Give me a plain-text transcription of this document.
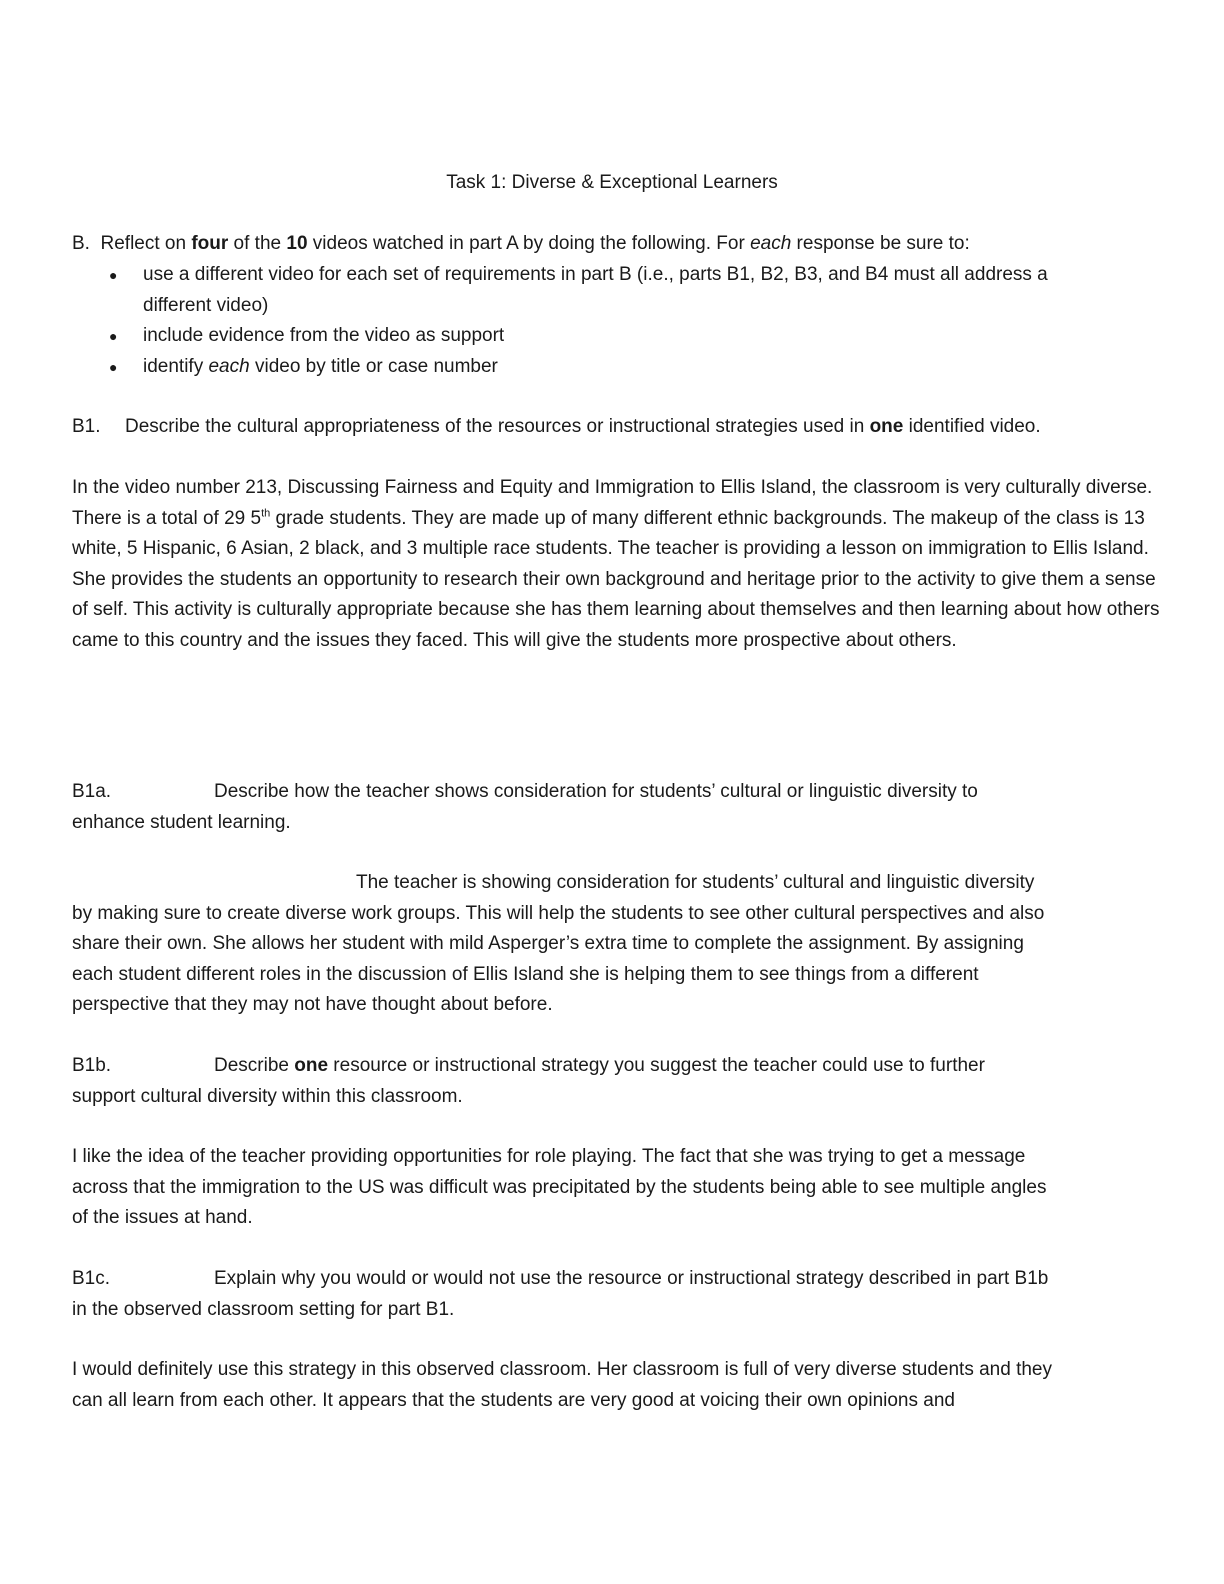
Task 1: Diverse & Exceptional Learners

B. Reflect on four of the 10 videos watched in part A by doing the following. For each response be sure to:

● use a different video for each set of requirements in part B (i.e., parts B1, B2, B3, and B4 must all address a different video)
● include evidence from the video as support
● identify each video by title or case number

B1. Describe the cultural appropriateness of the resources or instructional strategies used in one identified video.

In the video number 213, Discussing Fairness and Equity and Immigration to Ellis Island, the classroom is very culturally diverse. There is a total of 29 5th grade students. They are made up of many different ethnic backgrounds. The makeup of the class is 13 white, 5 Hispanic, 6 Asian, 2 black, and 3 multiple race students. The teacher is providing a lesson on immigration to Ellis Island. She provides the students an opportunity to research their own background and heritage prior to the activity to give them a sense of self. This activity is culturally appropriate because she has them learning about themselves and then learning about how others came to this country and the issues they faced. This will give the students more prospective about others.

B1a.	Describe how the teacher shows consideration for students’ cultural or linguistic diversity to enhance student learning.

The teacher is showing consideration for students’ cultural and linguistic diversity by making sure to create diverse work groups. This will help the students to see other cultural perspectives and also share their own. She allows her student with mild Asperger’s extra time to complete the assignment. By assigning each student different roles in the discussion of Ellis Island she is helping them to see things from a different perspective that they may not have thought about before.

B1b.	Describe one resource or instructional strategy you suggest the teacher could use to further support cultural diversity within this classroom.

I like the idea of the teacher providing opportunities for role playing. The fact that she was trying to get a message across that the immigration to the US was difficult was precipitated by the students being able to see multiple angles of the issues at hand.

B1c.	Explain why you would or would not use the resource or instructional strategy described in part B1b in the observed classroom setting for part B1.

I would definitely use this strategy in this observed classroom. Her classroom is full of very diverse students and they can all learn from each other. It appears that the students are very good at voicing their own opinions and
